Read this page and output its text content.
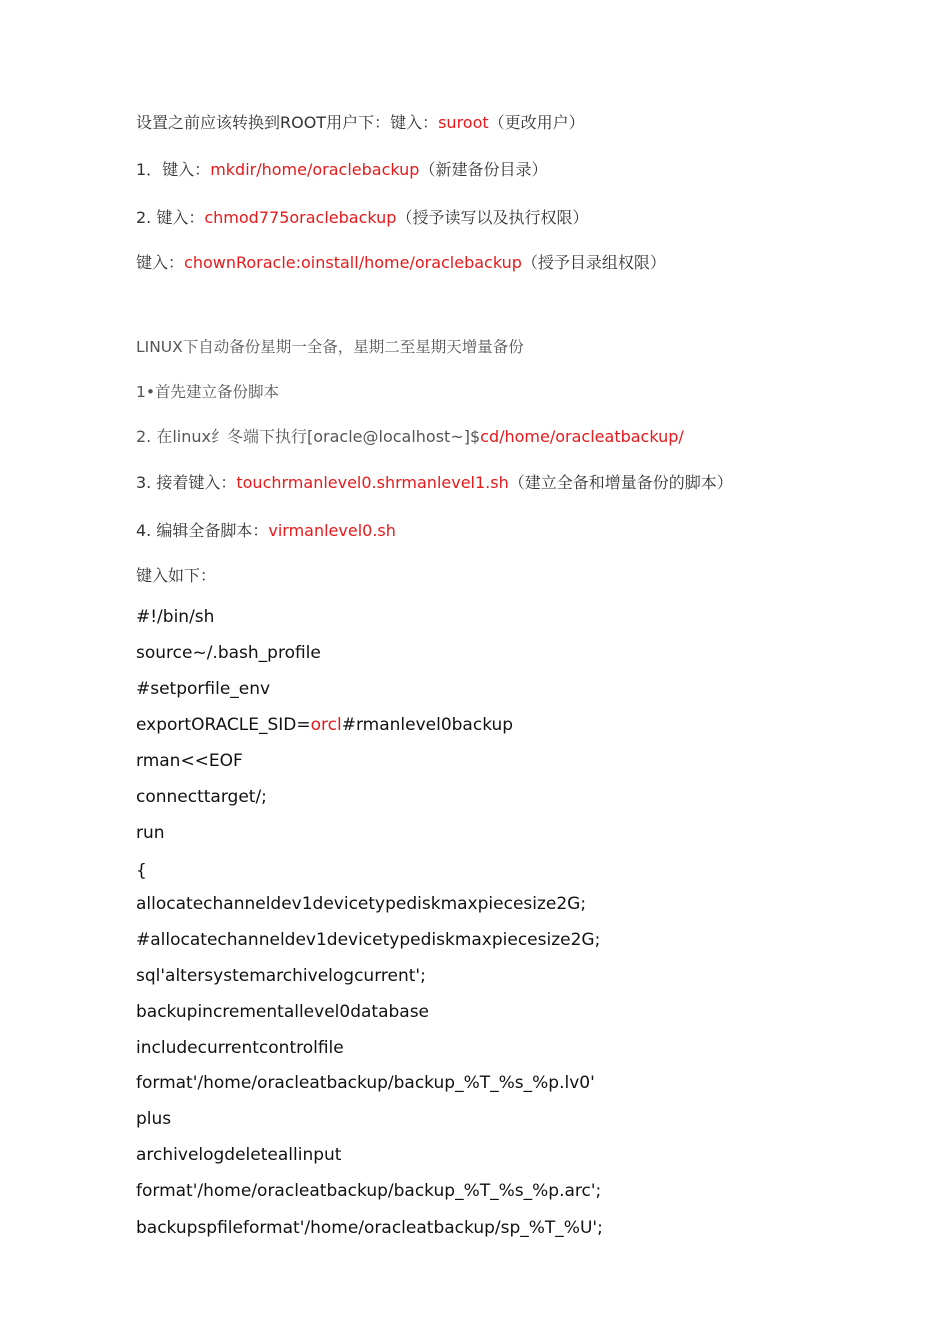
设置之前应该转换到ROOT用户下：键入：suroot（更改用户）
1．键入：mkdir/home/oraclebackup（新建备份目录）
2. 键入：chmod775oraclebackup（授予读写以及执行权限）
键入：chownRoracle:oinstall/home/oraclebackup（授予目录组权限）
LINUX下自动备份星期一全备，星期二至星期天增量备份
1•首先建立备份脚本
2. 在linux纟冬端下执行[oracle@localhost~]$cd/home/oracleatbackup/
3. 接着键入：touchrmanlevel0.shrmanlevel1.sh（建立全备和增量备份的脚本）
4. 编辑全备脚本：virmanlevel0.sh
键入如下：
#!/bin/sh
source~/.bash_profile
#setporfile_env
exportORACLE_SID=orcl#rmanlevel0backup
rman<<EOF
connecttarget/;
run
{
allocatechanneldev1devicetypediskmaxpiecesize2G;
#allocatechanneldev1devicetypediskmaxpiecesize2G;
sql'altersystemarchivelogcurrent';
backupincrementallevel0database
includecurrentcontrolfile
format'/home/oracleatbackup/backup_%T_%s_%p.lv0'
plus
archivelogdeleteallinput
format'/home/oracleatbackup/backup_%T_%s_%p.arc';
backupspfileformat'/home/oracleatbackup/sp_%T_%U';
